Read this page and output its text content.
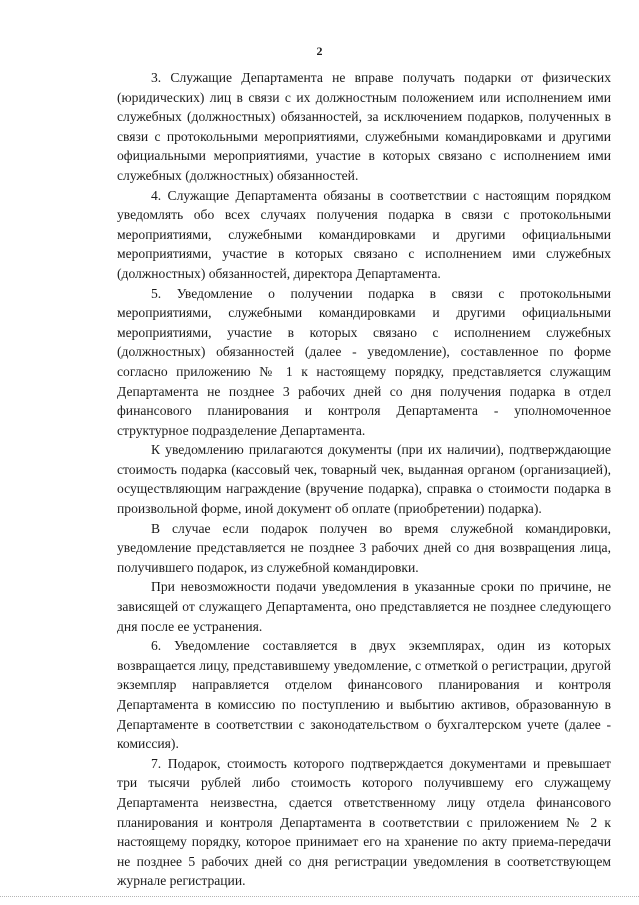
2

3. Служащие Департамента не вправе получать подарки от физических (юридических) лиц в связи с их должностным положением или исполнением ими служебных (должностных) обязанностей, за исключением подарков, полученных в связи с протокольными мероприятиями, служебными командировками и другими официальными мероприятиями, участие в которых связано с исполнением ими служебных (должностных) обязанностей.

4. Служащие Департамента обязаны в соответствии с настоящим порядком уведомлять обо всех случаях получения подарка в связи с протокольными мероприятиями, служебными командировками и другими официальными мероприятиями, участие в которых связано с исполнением ими служебных (должностных) обязанностей, директора Департамента.

5. Уведомление о получении подарка в связи с протокольными мероприятиями, служебными командировками и другими официальными мероприятиями, участие в которых связано с исполнением служебных (должностных) обязанностей (далее - уведомление), составленное по форме согласно приложению № 1 к настоящему порядку, представляется служащим Департамента не позднее 3 рабочих дней со дня получения подарка в отдел финансового планирования и контроля Департамента - уполномоченное структурное подразделение Департамента.

К уведомлению прилагаются документы (при их наличии), подтверждающие стоимость подарка (кассовый чек, товарный чек, выданная органом (организацией), осуществляющим награждение (вручение подарка), справка о стоимости подарка в произвольной форме, иной документ об оплате (приобретении) подарка).

В случае если подарок получен во время служебной командировки, уведомление представляется не позднее 3 рабочих дней со дня возвращения лица, получившего подарок, из служебной командировки.

При невозможности подачи уведомления в указанные сроки по причине, не зависящей от служащего Департамента, оно представляется не позднее следующего дня после ее устранения.

6. Уведомление составляется в двух экземплярах, один из которых возвращается лицу, представившему уведомление, с отметкой о регистрации, другой экземпляр направляется отделом финансового планирования и контроля Департамента в комиссию по поступлению и выбытию активов, образованную в Департаменте в соответствии с законодательством о бухгалтерском учете (далее - комиссия).

7. Подарок, стоимость которого подтверждается документами и превышает три тысячи рублей либо стоимость которого получившему его служащему Департамента неизвестна, сдается ответственному лицу отдела финансового планирования и контроля Департамента в соответствии с приложением № 2 к настоящему порядку, которое принимает его на хранение по акту приема-передачи не позднее 5 рабочих дней со дня регистрации уведомления в соответствующем журнале регистрации.
